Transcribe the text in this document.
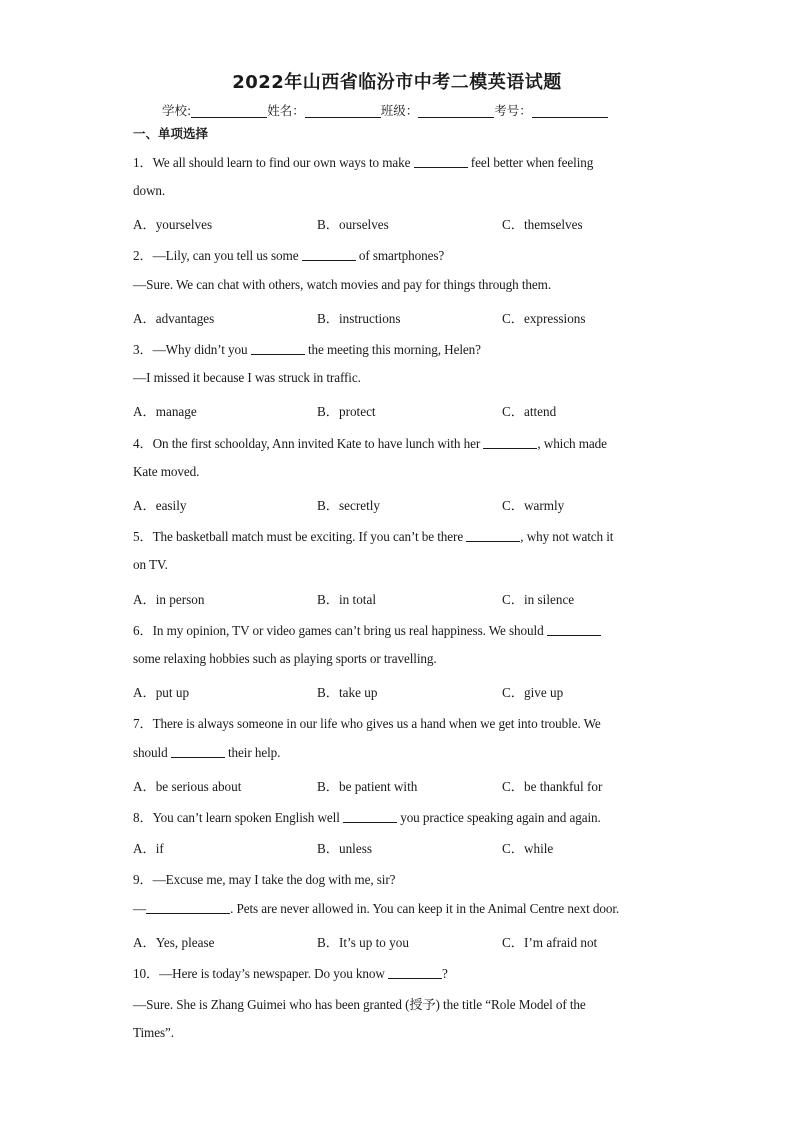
2022年山西省临汾市中考二模英语试题
学校:	姓名：	班级：	考号：
一、单项选择
1．We all should learn to find our own ways to make	feel better when feeling
down.
A．yourselves	B．ourselves	C．themselves
2．—Lily, can you tell us some	of smartphones?
—Sure. We can chat with others, watch movies and pay for things through them.
A．advantages	B．instructions	C．expressions
3．—Why didn’t you	the meeting this morning, Helen?
—I missed it because I was struck in traffic.
A．manage	B．protect	C．attend
4．On the first schoolday, Ann invited Kate to have lunch with her	, which made
Kate moved.
A．easily	B．secretly	C．warmly
5．The basketball match must be exciting. If you can’t be there	, why not watch it
on TV.
A．in person	B．in total	C．in silence
6．In my opinion, TV or video games can’t bring us real happiness. We should
some relaxing hobbies such as playing sports or travelling.
A．put up	B．take up	C．give up
7．There is always someone in our life who gives us a hand when we get into trouble. We
should	their help.
A．be serious about	B．be patient with	C．be thankful for
8．You can’t learn spoken English well	you practice speaking again and again.
A．if	B．unless	C．while
9．—Excuse me, may I take the dog with me, sir?
—	. Pets are never allowed in. You can keep it in the Animal Centre next door.
A．Yes, please	B．It’s up to you	C．I’m afraid not
10．—Here is today’s newspaper. Do you know	?
—Sure. She is Zhang Guimei who has been granted (授予) the title “Role Model of the
Times”.
